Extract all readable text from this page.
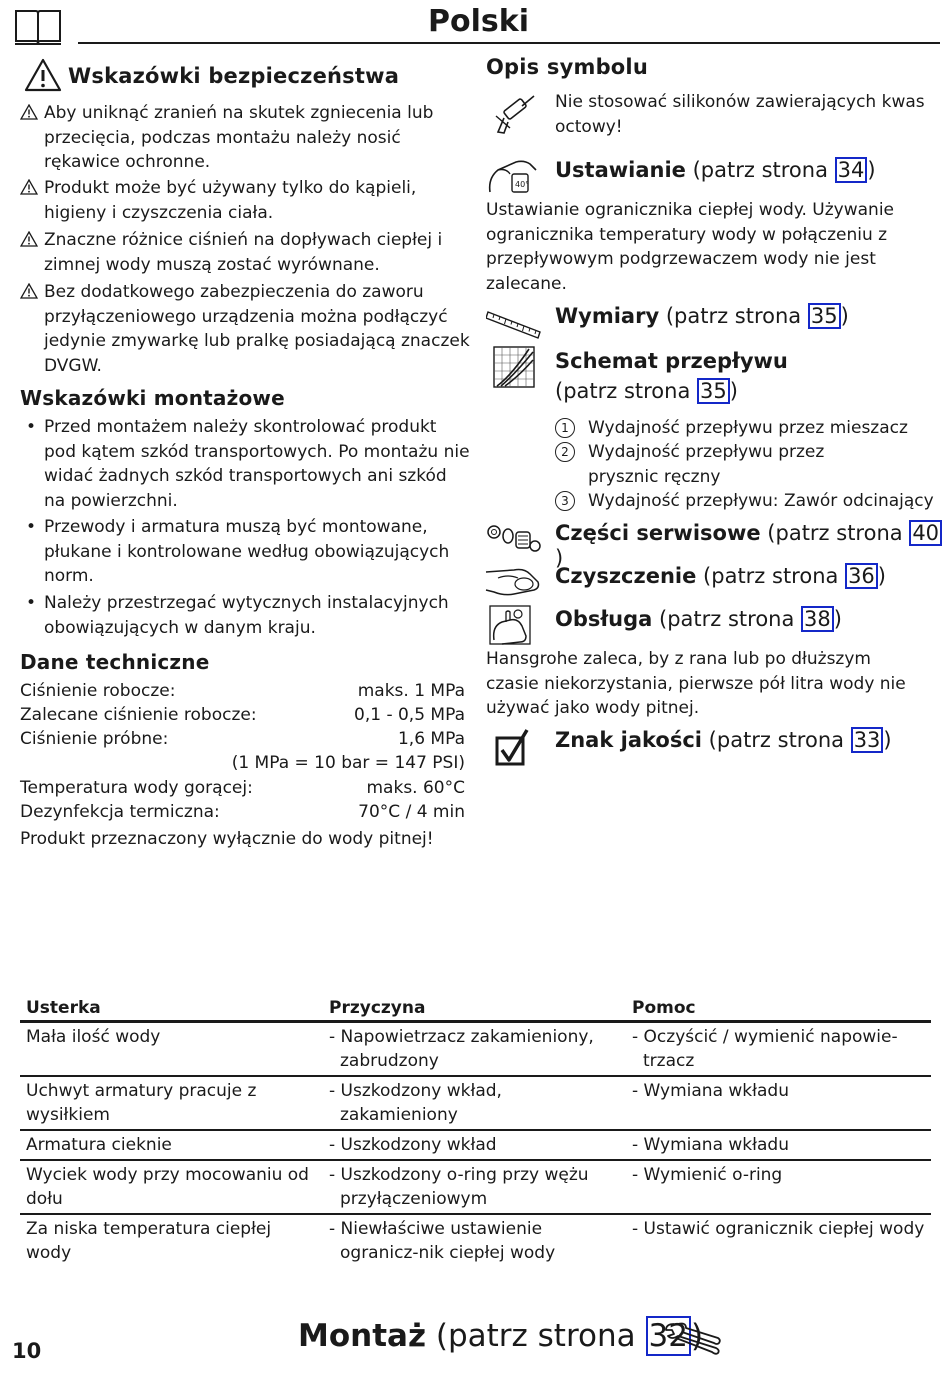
Polski
Wskazówki bezpieczeństwa
Aby uniknąć zranień na skutek zgniecenia lub przecięcia, podczas montażu należy nosić rękawice ochronne.
Produkt może być używany tylko do kąpieli, higieny i czyszczenia ciała.
Znaczne różnice ciśnień na dopływach ciepłej i zimnej wody muszą zostać wyrównane.
Bez dodatkowego zabezpieczenia do zaworu przyłączeniowego urządzenia można podłączyć jedynie zmywarkę lub pralkę posiadającą znaczek DVGW.
Wskazówki montażowe
• Przed montażem należy skontrolować produkt pod kątem szkód transportowych. Po montażu nie widać żadnych szkód transportowych ani szkód na powierzchni.
• Przewody i armatura muszą być montowane, płukane i kontrolowane według obowiązujących norm.
• Należy przestrzegać wytycznych instalacyjnych obowiązujących w danym kraju.
Dane techniczne
Ciśnienie robocze:	maks. 1 MPa
Zalecane ciśnienie robocze:	0,1 - 0,5 MPa
Ciśnienie próbne:	1,6 MPa
(1 MPa = 10 bar = 147 PSI)
Temperatura wody gorącej:	maks. 60°C
Dezynfekcja termiczna:	70°C / 4 min
Produkt przeznaczony wyłącznie do wody pitnej!
Opis symbolu
Nie stosować silikonów zawierających kwas octowy!
40°
Ustawianie (patrz strona 34 )
Ustawianie ogranicznika ciepłej wody. Używanie ogranicznika temperatury wody w połączeniu z przepływowym podgrzewaczem wody nie jest zalecane.
Wymiary (patrz strona 35 )
Schemat przepływu
(patrz strona 35 )
1	Wydajność przepływu przez mieszacz
2	Wydajność przepływu przez prysznic ręczny
3	Wydajność przepływu: Zawór odcinający
Części serwisowe (patrz strona 40)
Czyszczenie (patrz strona 36 )
Obsługa (patrz strona 38 )
Hansgrohe zaleca, by z rana lub po dłuższym czasie niekorzystania, pierwsze pół litra wody nie używać jako wody pitnej.
Znak jakości (patrz strona 33 )
Usterka	Przyczyna	Pomoc
Mała ilość wody	- Napowietrzacz zakamieniony, zabrudzony	- Oczyścić / wymienić napowie-trzacz

Uchwyt armatury pracuje z wysiłkiem	- Uszkodzony wkład, zakamieniony	- Wymiana wkładu

Armatura cieknie	- Uszkodzony wkład	- Wymiana wkładu

Wyciek wody przy mocowaniu od dołu	- Uszkodzony o-ring przy wężu przyłączeniowym	- Wymienić o-ring

Za niska temperatura ciepłej wody	- Niewłaściwe ustawienie ogranicz-nik ciepłej wody	- Ustawić ogranicznik ciepłej wody
10	Montaż (patrz strona 32)
